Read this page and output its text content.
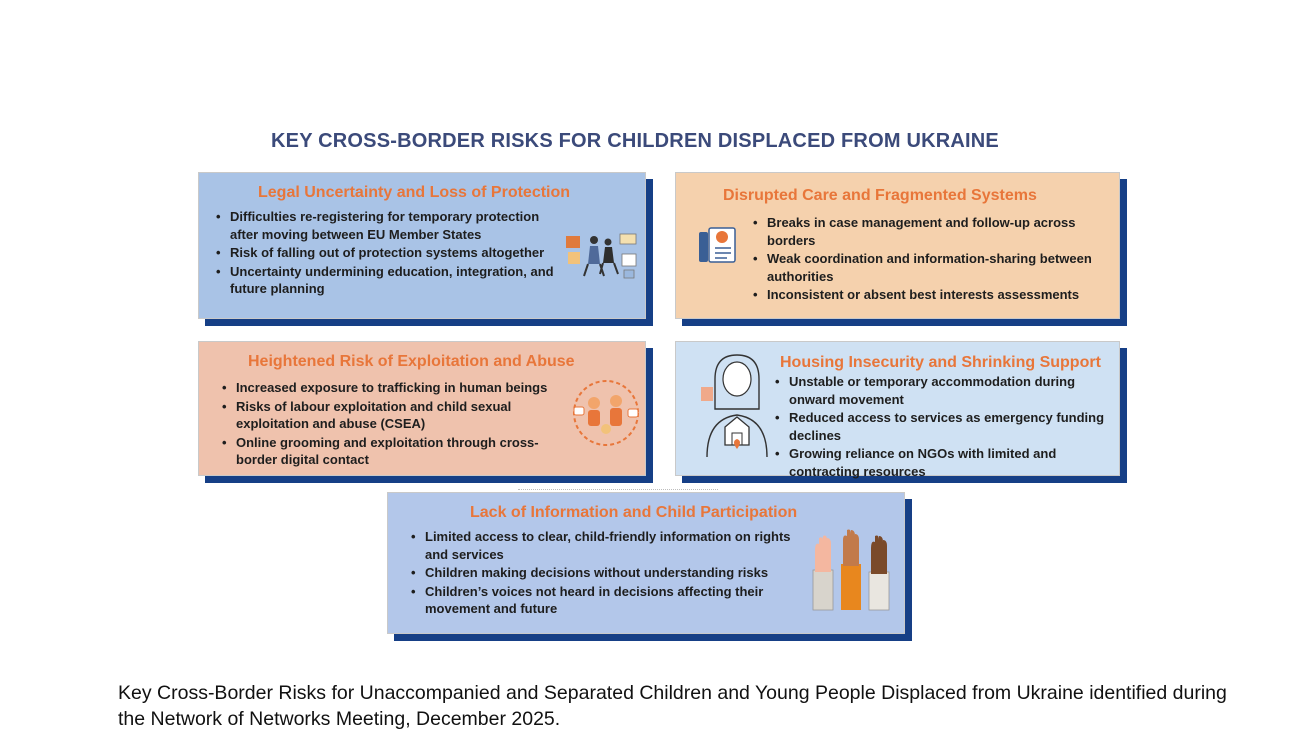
KEY CROSS-BORDER RISKS FOR CHILDREN DISPLACED FROM UKRAINE
Legal Uncertainty and Loss of Protection
• Difficulties re-registering for temporary protection after moving between EU Member States
• Risk of falling out of protection systems altogether
• Uncertainty undermining education, integration, and future planning
Disrupted Care and Fragmented Systems
• Breaks in case management and follow-up across borders
• Weak coordination and information-sharing between authorities
• Inconsistent or absent best interests assessments
Heightened Risk of Exploitation and Abuse
• Increased exposure to trafficking in human beings
• Risks of labour exploitation and child sexual exploitation and abuse (CSEA)
• Online grooming and exploitation through cross-border digital contact
Housing Insecurity and Shrinking Support
• Unstable or temporary accommodation during onward movement
• Reduced access to services as emergency funding declines
• Growing reliance on NGOs with limited and contracting resources
Lack of Information and Child Participation
• Limited access to clear, child-friendly information on rights and services
• Children making decisions without understanding risks
• Children’s voices not heard in decisions affecting their movement and future
Key Cross-Border Risks for Unaccompanied and Separated Children and Young People Displaced from Ukraine identified during the Network of Networks Meeting, December 2025.
